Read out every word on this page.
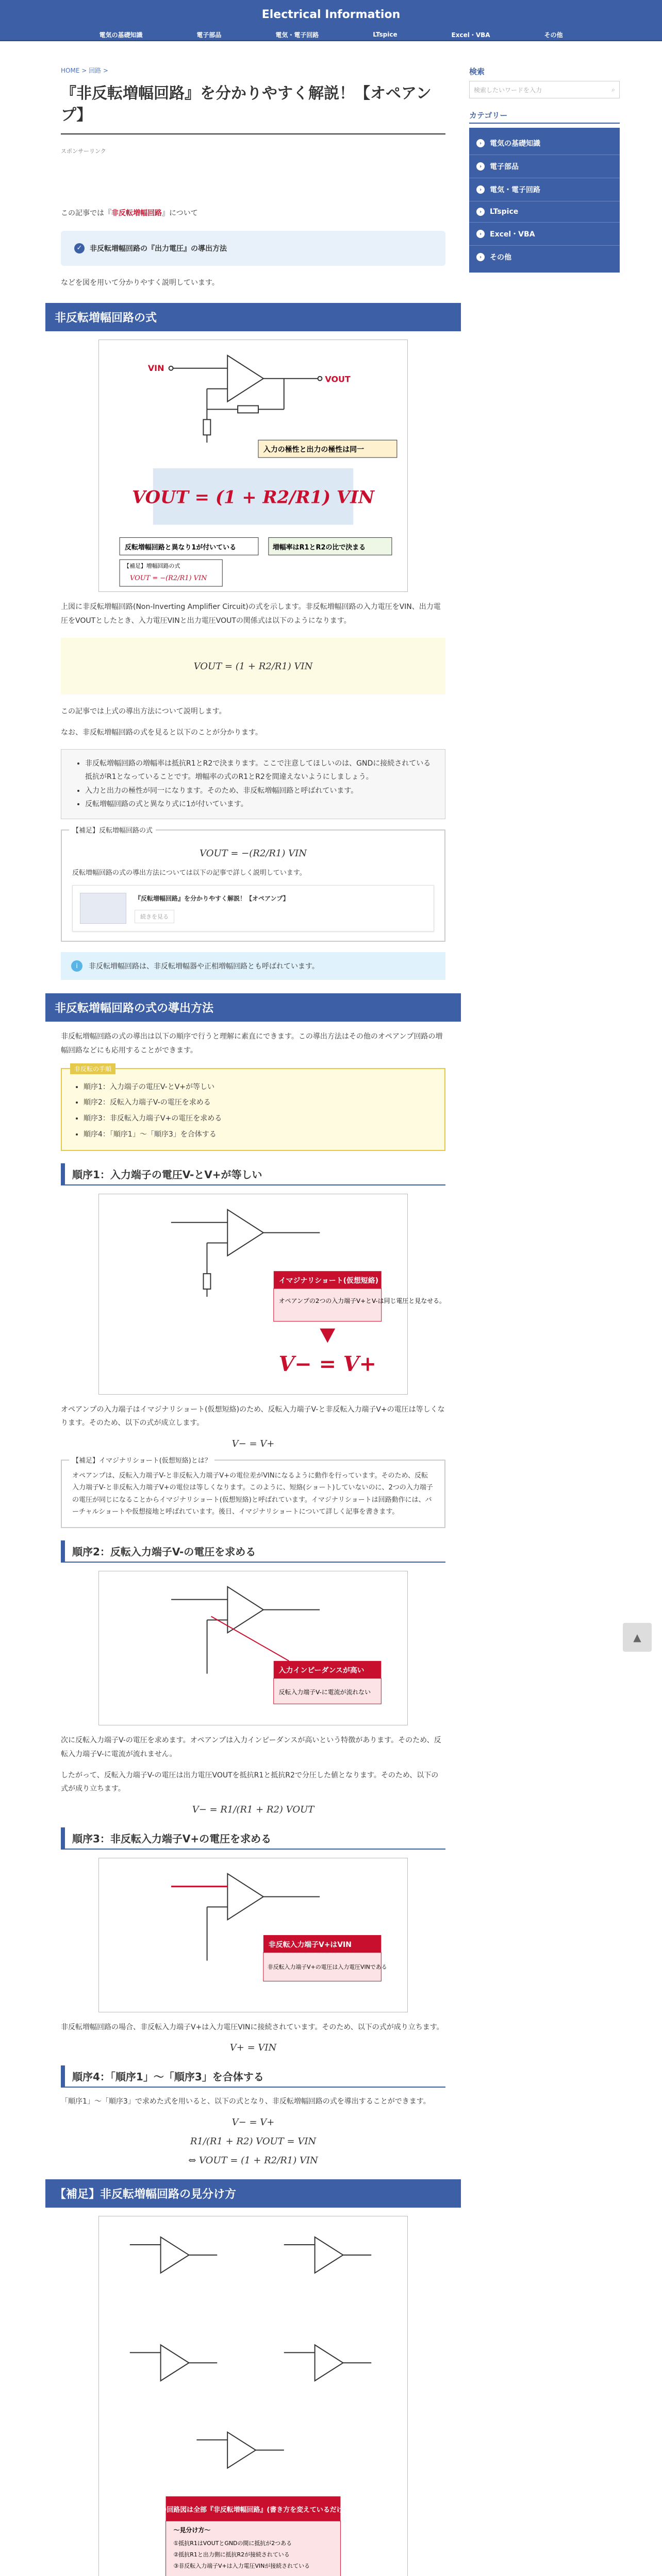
Electrical Information
電気の基礎知識	電子部品	電気・電子回路	LTspice	Excel・VBA	その他
HOME > 回路 >
『非反転増幅回路』を分かりやすく解説！【オペアンプ】
スポンサーリンク

この記事では『非反転増幅回路』について

✓	非反転増幅回路の『出力電圧』の導出方法

などを図を用いて分かりやすく説明しています。

非反転増幅回路の式
VIN
VOUT
入力の極性と出力の極性は同一
VOUT = (1 + R2/R1) VIN
反転増幅回路と異なり1が付いている	増幅率はR1とR2の比で決まる
【補足】増幅回路の式
VOUT = −(R2/R1) VIN

上図に非反転増幅回路(Non-Inverting Amplifier Circuit)の式を示します。非反転増幅回路の入力電圧をVIN、出力電圧をVOUTとしたとき、入力電圧VINと出力電圧VOUTの関係式は以下のようになります。

VOUT = (1 + R2/R1) VIN

この記事では上式の導出方法について説明します。

なお、非反転増幅回路の式を見ると以下のことが分かります。

• 非反転増幅回路の増幅率は抵抗R1とR2で決まります。ここで注意してほしいのは、GNDに接続されている抵抗がR1となっていることです。増幅率の式のR1とR2を間違えないようにしましょう。
• 入力と出力の極性が同一になります。そのため、非反転増幅回路と呼ばれています。
• 反転増幅回路の式と異なり式に1が付いています。
【補足】反転増幅回路の式
VOUT = −(R2/R1) VIN

反転増幅回路の式の導出方法については以下の記事で詳しく説明しています。

『反転増幅回路』を分かりやすく解説！【オペアンプ】
続きを見る
i	非反転増幅回路は、非反転増幅器や正相増幅回路とも呼ばれています。
非反転増幅回路の式の導出方法

非反転増幅回路の式の導出は以下の順序で行うと理解に素直にできます。この導出方法はその他のオペアンプ回路の増幅回路などにも応用することができます。

非反転の手順
• 順序1：入力端子の電圧V-とV+が等しい
• 順序2：反転入力端子V-の電圧を求める
• 順序3：非反転入力端子V+の電圧を求める
• 順序4：「順序1」〜「順序3」を合体する
順序1：入力端子の電圧V-とV+が等しい
イマジナリショート(仮想短絡)
オペアンプの2つの入力端子V+とV-は同じ電圧と見なせる。
V− = V+

オペアンプの入力端子はイマジナリショート(仮想短絡)のため、反転入力端子V-と非反転入力端子V+の電圧は等しくなります。そのため、以下の式が成立します。

V− = V+
【補足】イマジナリショート(仮想短絡)とは？

オペアンプは、反転入力端子V-と非反転入力端子V+の電位差がVINになるように動作を行っています。そのため、反転入力端子V-と非反転入力端子V+の電位は等しくなります。このように、短絡(ショート)していないのに、2つの入力端子の電圧が同じになることからイマジナリショート(仮想短絡)と呼ばれています。イマジナリショートは回路動作には、バーチャルショートや仮想接地と呼ばれています。後日、イマジナリショートについて詳しく記事を書きます。

順序2：反転入力端子V-の電圧を求める
入力インピーダンスが高い
反転入力端子V-に電流が流れない

次に反転入力端子V-の電圧を求めます。オペアンプは入力インピーダンスが高いという特徴があります。そのため、反転入力端子V-に電流が流れません。

したがって、反転入力端子V-の電圧は出力電圧VOUTを抵抗R1と抵抗R2で分圧した値となります。そのため、以下の式が成り立ちます。

V− = R1/(R1 + R2) VOUT
順序3：非反転入力端子V+の電圧を求める
非反転入力端子V+はVIN
非反転入力端子V+の電圧は入力電圧VINである

非反転増幅回路の場合、非反転入力端子V+は入力電圧VINに接続されています。そのため、以下の式が成り立ちます。

V+ = VIN
順序4：「順序1」〜「順序3」を合体する

「順序1」〜「順序3」で求めた式を用いると、以下の式となり、非反転増幅回路の式を導出することができます。

V− = V+
R1/(R1 + R2) VOUT = VIN
⇔ VOUT = (1 + R2/R1) VIN
【補足】非反転増幅回路の見分け方
上の回路図は全部『非反転増幅回路』(書き方を変えているだけ！)
〜見分け方〜
①抵抗R1はVOUTとGNDの間に抵抗が2つある
②抵抗R1と出力側に抵抗R2が接続されている
③非反転入力端子V+は入力電圧VINが接続されている

検索
検索したいワードを入力	⌕
カテゴリー
›	電気の基礎知識
›	電子部品
›	電気・電子回路
›	LTspice
›	Excel・VBA
›	その他
▲
